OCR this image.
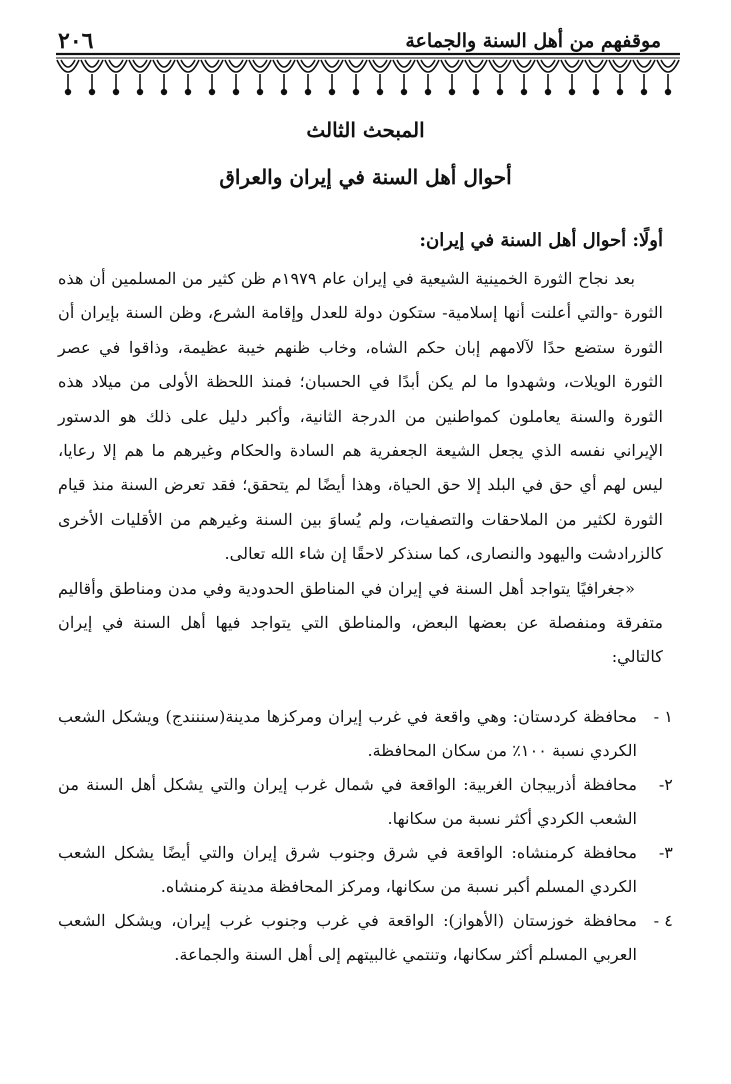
موقفهم من أهل السنة والجماعة
٢٠٦
المبحث الثالث
أحوال أهل السنة في إيران والعراق
أولًا: أحوال أهل السنة في إيران:

بعد نجاح الثورة الخمينية الشيعية في إيران عام ١٩٧٩م ظن كثير من المسلمين أن هذه الثورة -والتي أعلنت أنها إسلامية- ستكون دولة للعدل وإقامة الشرع، وظن السنة بإيران أن الثورة ستضع حدًا لآلامهم إبان حكم الشاه، وخاب ظنهم خيبة عظيمة، وذاقوا في عصر الثورة الويلات، وشهدوا ما لم يكن أبدًا في الحسبان؛ فمنذ اللحظة الأولى من ميلاد هذه الثورة والسنة يعاملون كمواطنين من الدرجة الثانية، وأكبر دليل على ذلك هو الدستور الإيراني نفسه الذي يجعل الشيعة الجعفرية هم السادة والحكام وغيرهم ما هم إلا رعايا، ليس لهم أي حق في البلد إلا حق الحياة، وهذا أيضًا لم يتحقق؛ فقد تعرض السنة منذ قيام الثورة لكثير من الملاحقات والتصفيات، ولم يُساوَ بين السنة وغيرهم من الأقليات الأخرى كالزرادشت واليهود والنصارى، كما سنذكر لاحقًا إن شاء الله تعالى.

«جغرافيًا يتواجد أهل السنة في إيران في المناطق الحدودية وفي مدن ومناطق وأقاليم متفرقة ومنفصلة عن بعضها البعض، والمناطق التي يتواجد فيها أهل السنة في إيران كالتالي:

١ -
محافظة كردستان: وهي واقعة في غرب إيران ومركزها مدينة(سننندج) ويشكل الشعب الكردي نسبة ١٠٠٪ من سكان المحافظة.
٢-
محافظة أذربيجان الغربية: الواقعة في شمال غرب إيران والتي يشكل أهل السنة من الشعب الكردي أكثر نسبة من سكانها.
٣-
محافظة كرمنشاه: الواقعة في شرق وجنوب شرق إيران والتي أيضًا يشكل الشعب الكردي المسلم أكبر نسبة من سكانها، ومركز المحافظة مدينة كرمنشاه.
٤ -
محافظة خوزستان (الأهواز): الواقعة في غرب وجنوب غرب إيران، ويشكل الشعب العربي المسلم أكثر سكانها، وتنتمي غالبيتهم إلى أهل السنة والجماعة.
